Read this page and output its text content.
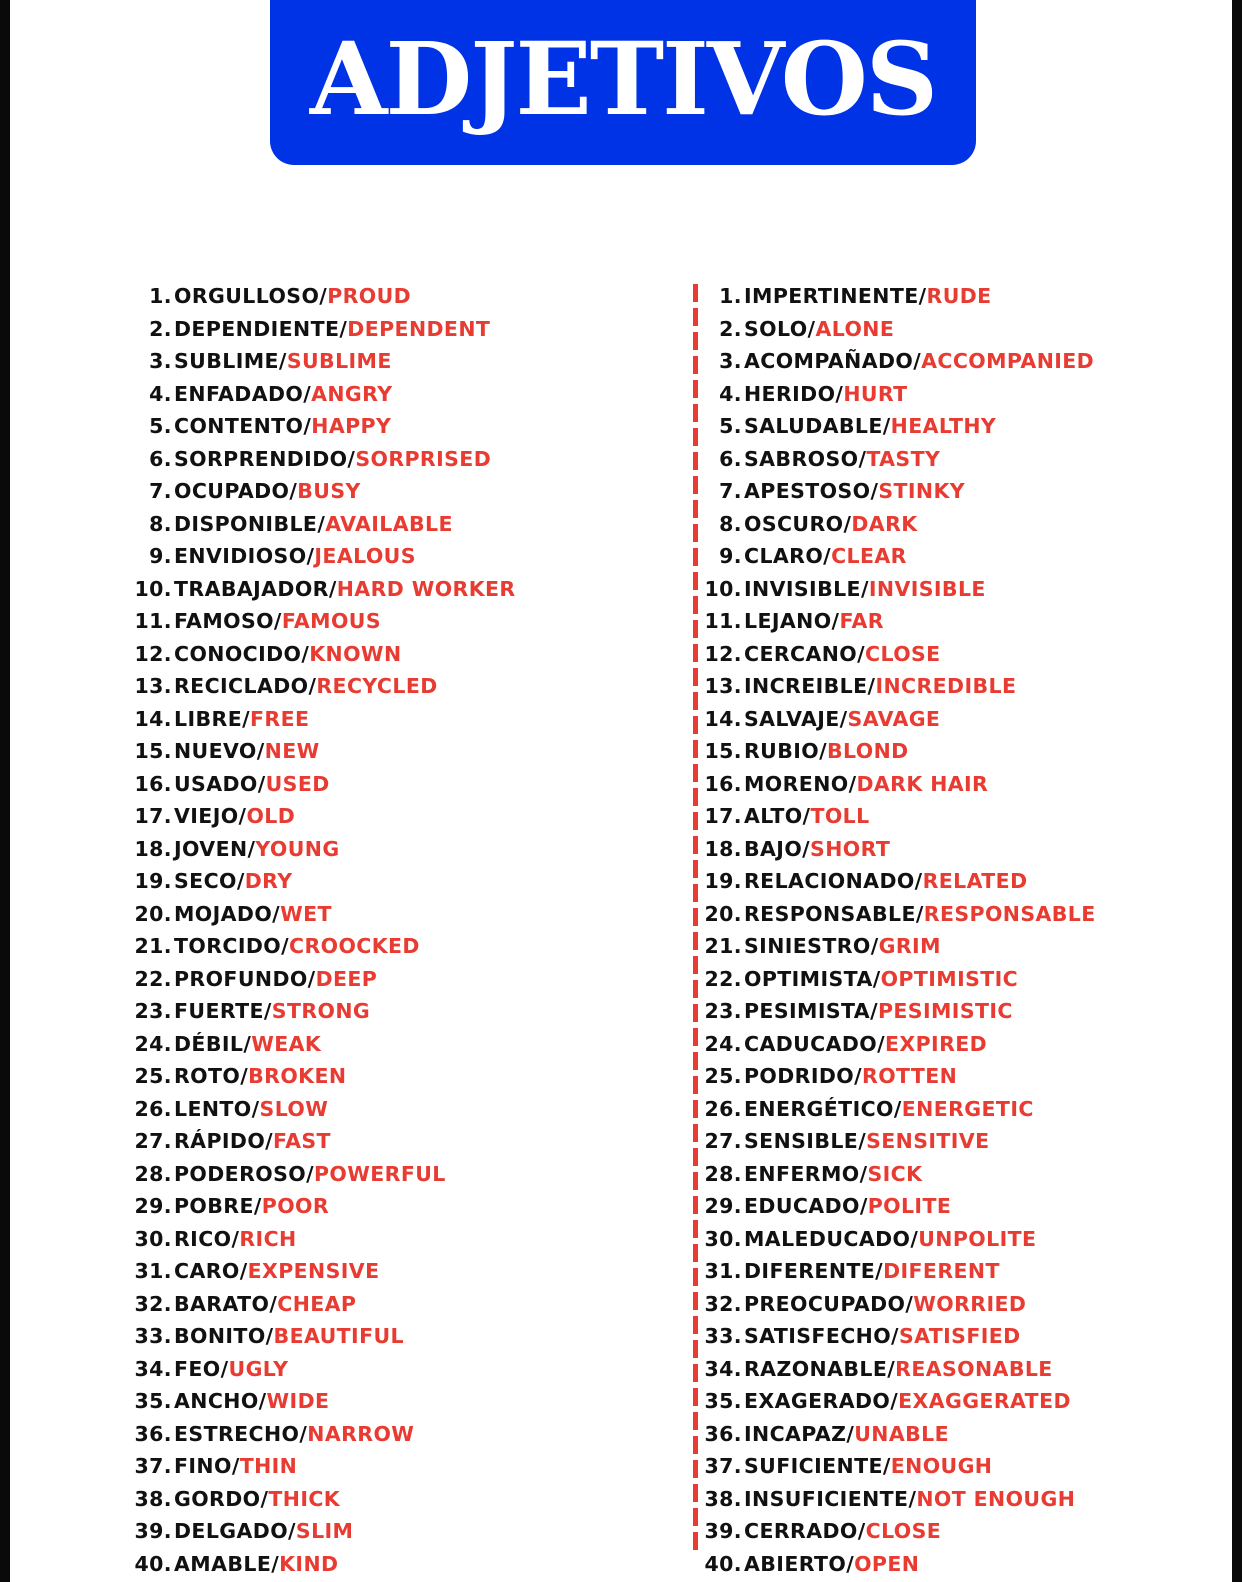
ADJETIVOS
1. ORGULLOSO/ PROUD
2. DEPENDIENTE/ DEPENDENT
3. SUBLIME/ SUBLIME
4. ENFADADO/ ANGRY
5. CONTENTO/ HAPPY
6. SORPRENDIDO/ SORPRISED
7. OCUPADO/ BUSY
8. DISPONIBLE/ AVAILABLE
9. ENVIDIOSO/ JEALOUS
10. TRABAJADOR/ HARD WORKER
11. FAMOSO/ FAMOUS
12. CONOCIDO/ KNOWN
13. RECICLADO/ RECYCLED
14. LIBRE/ FREE
15. NUEVO/ NEW
16. USADO/ USED
17. VIEJO/ OLD
18. JOVEN/ YOUNG
19. SECO/ DRY
20. MOJADO/ WET
21. TORCIDO/ CROOCKED
22. PROFUNDO/ DEEP
23. FUERTE/ STRONG
24. DÉBIL/ WEAK
25. ROTO/ BROKEN
26. LENTO/ SLOW
27. RÁPIDO/ FAST
28. PODEROSO/ POWERFUL
29. POBRE/ POOR
30. RICO/ RICH
31. CARO/ EXPENSIVE
32. BARATO/ CHEAP
33. BONITO/ BEAUTIFUL
34. FEO/ UGLY
35. ANCHO/ WIDE
36. ESTRECHO/ NARROW
37. FINO/ THIN
38. GORDO/ THICK
39. DELGADO/ SLIM
40. AMABLE/ KIND
1. IMPERTINENTE/ RUDE
2. SOLO/ ALONE
3. ACOMPAÑADO/ ACCOMPANIED
4. HERIDO/ HURT
5. SALUDABLE/ HEALTHY
6. SABROSO/ TASTY
7. APESTOSO/ STINKY
8. OSCURO/ DARK
9. CLARO/ CLEAR
10. INVISIBLE/ INVISIBLE
11. LEJANO/ FAR
12. CERCANO/ CLOSE
13. INCREIBLE/ INCREDIBLE
14. SALVAJE/ SAVAGE
15. RUBIO/ BLOND
16. MORENO/ DARK HAIR
17. ALTO/ TOLL
18. BAJO/ SHORT
19. RELACIONADO/ RELATED
20. RESPONSABLE/ RESPONSABLE
21. SINIESTRO/ GRIM
22. OPTIMISTA/ OPTIMISTIC
23. PESIMISTA/ PESIMISTIC
24. CADUCADO/ EXPIRED
25. PODRIDO/ ROTTEN
26. ENERGÉTICO/ ENERGETIC
27. SENSIBLE/ SENSITIVE
28. ENFERMO/ SICK
29. EDUCADO/ POLITE
30. MALEDUCADO/ UNPOLITE
31. DIFERENTE/ DIFERENT
32. PREOCUPADO/ WORRIED
33. SATISFECHO/ SATISFIED
34. RAZONABLE/ REASONABLE
35. EXAGERADO/ EXAGGERATED
36. INCAPAZ/ UNABLE
37. SUFICIENTE/ ENOUGH
38. INSUFICIENTE/ NOT ENOUGH
39. CERRADO/ CLOSE
40. ABIERTO/ OPEN
